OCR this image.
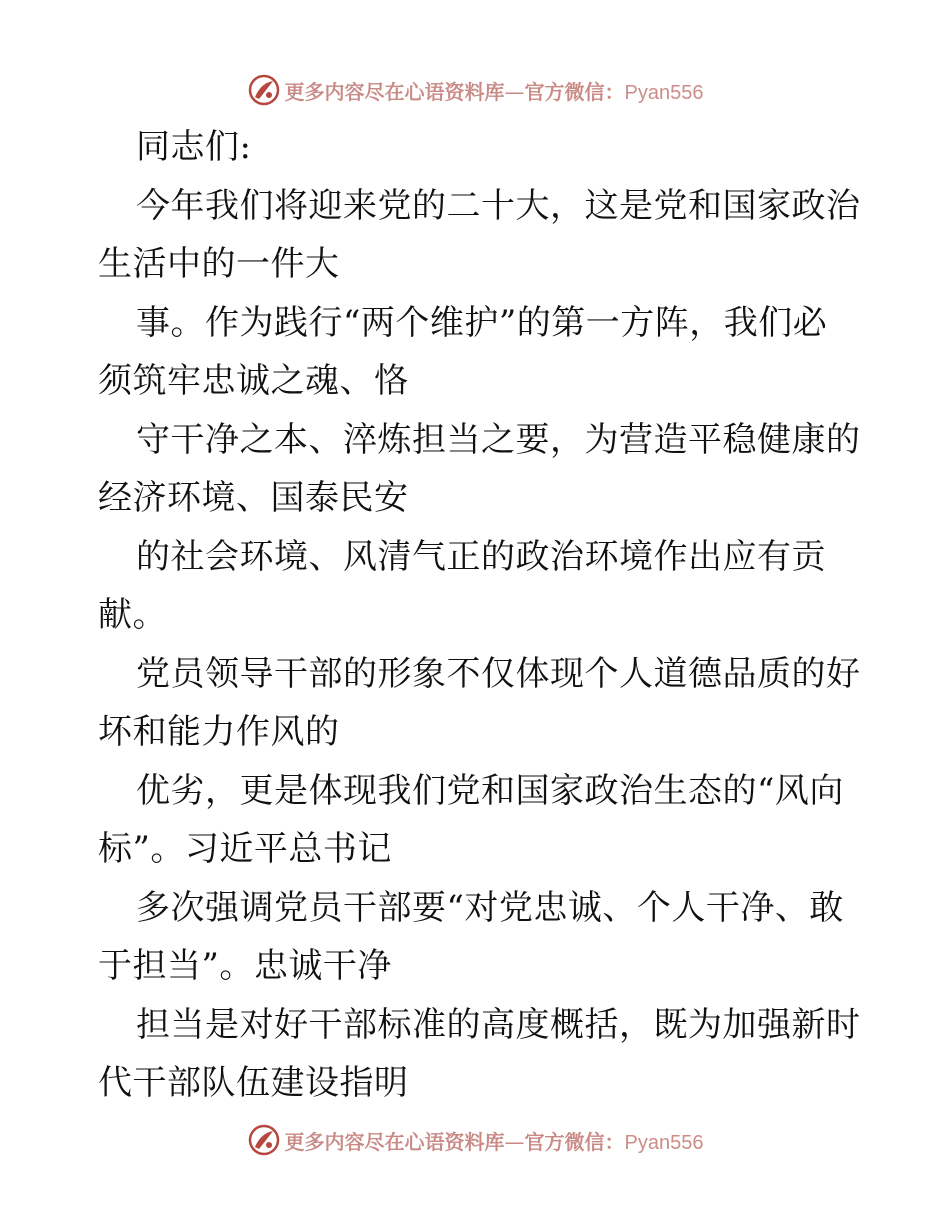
更多内容尽在心语资料库—官方微信：Pyan556
同志们:
今年我们将迎来党的二十大，这是党和国家政治
生活中的一件大
事。作为践行“两个维护”的第一方阵，我们必
须筑牢忠诚之魂、恪
守干净之本、淬炼担当之要，为营造平稳健康的
经济环境、国泰民安
的社会环境、风清气正的政治环境作出应有贡
献。
党员领导干部的形象不仅体现个人道德品质的好
坏和能力作风的
优劣，更是体现我们党和国家政治生态的“风向
标”。习近平总书记
多次强调党员干部要“对党忠诚、个人干净、敢
于担当”。忠诚干净
担当是对好干部标准的高度概括，既为加强新时
代干部队伍建设指明
更多内容尽在心语资料库—官方微信：Pyan556
